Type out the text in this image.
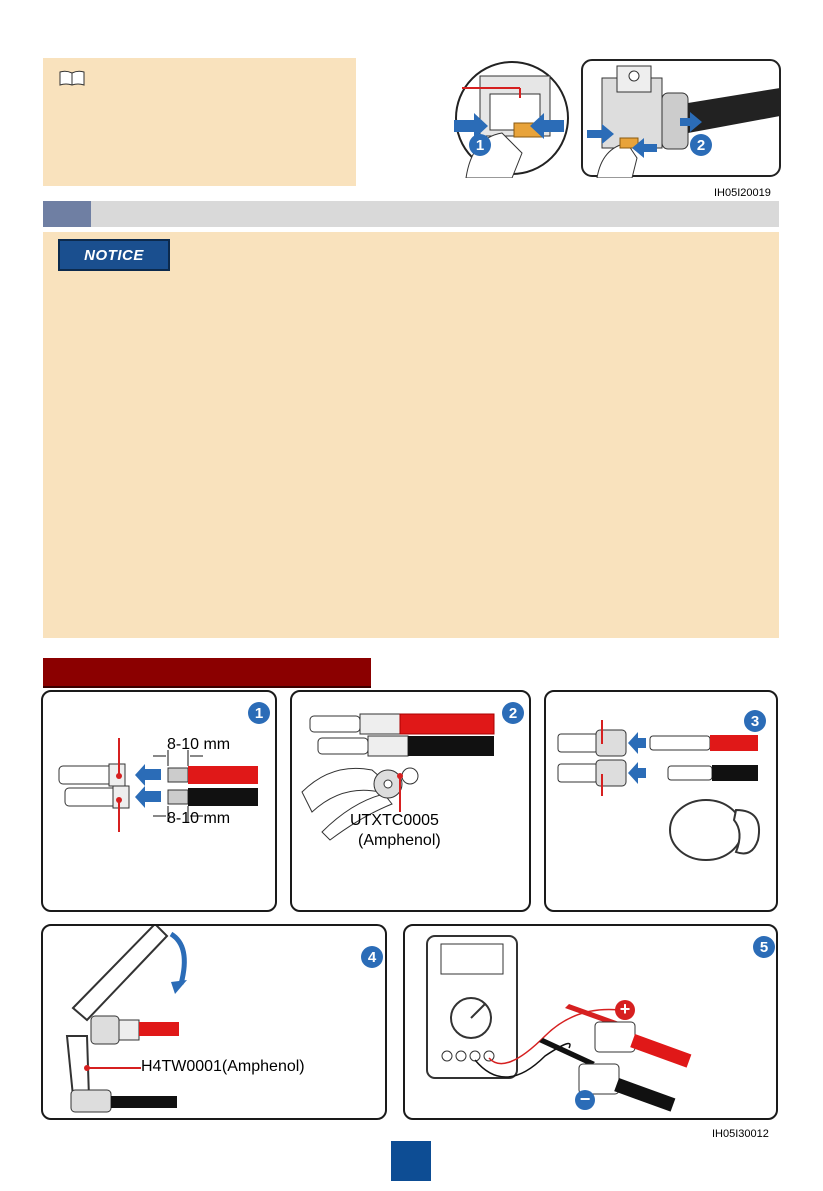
1	2
IH05I20019
NOTICE
1
8-10 mm
8-10 mm
2
UTXTC0005
(Amphenol)
3
4
H4TW0001(Amphenol)
5
+
−
IH05I30012
